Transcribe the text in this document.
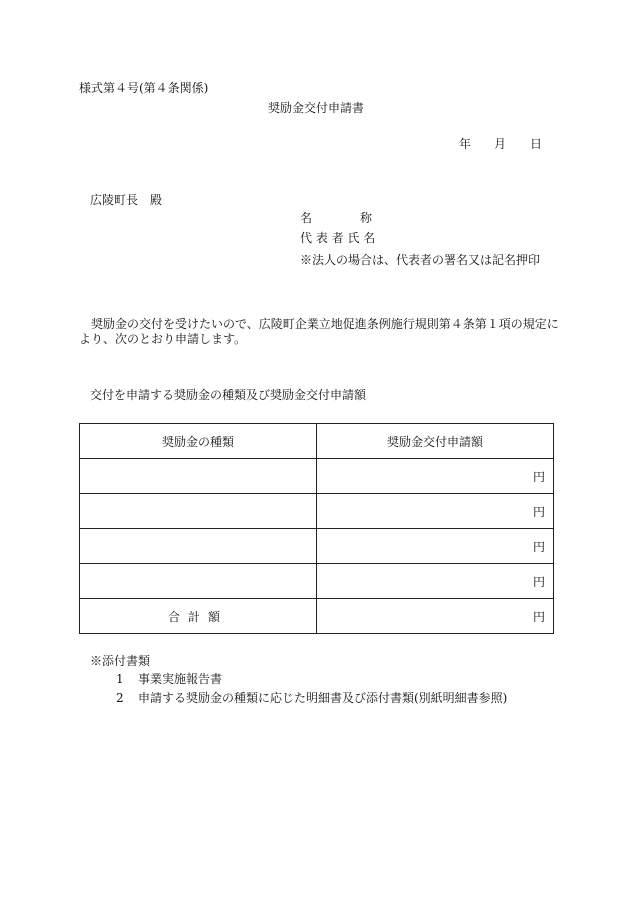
様式第４号(第４条関係)
奨励金交付申請書
年 月 日
広陵町長　殿
名　　　　称
代 表 者 氏 名
※法人の場合は、代表者の署名又は記名押印
　奨励金の交付を受けたいので、広陵町企業立地促進条例施行規則第４条第１項の規定に
より、次のとおり申請します。
交付を申請する奨励金の種類及び奨励金交付申請額
奨励金の種類	奨励金交付申請額
	円
	円
	円
	円
合計額	円
※添付書類
1 事業実施報告書
2 申請する奨励金の種類に応じた明細書及び添付書類(別紙明細書参照)
